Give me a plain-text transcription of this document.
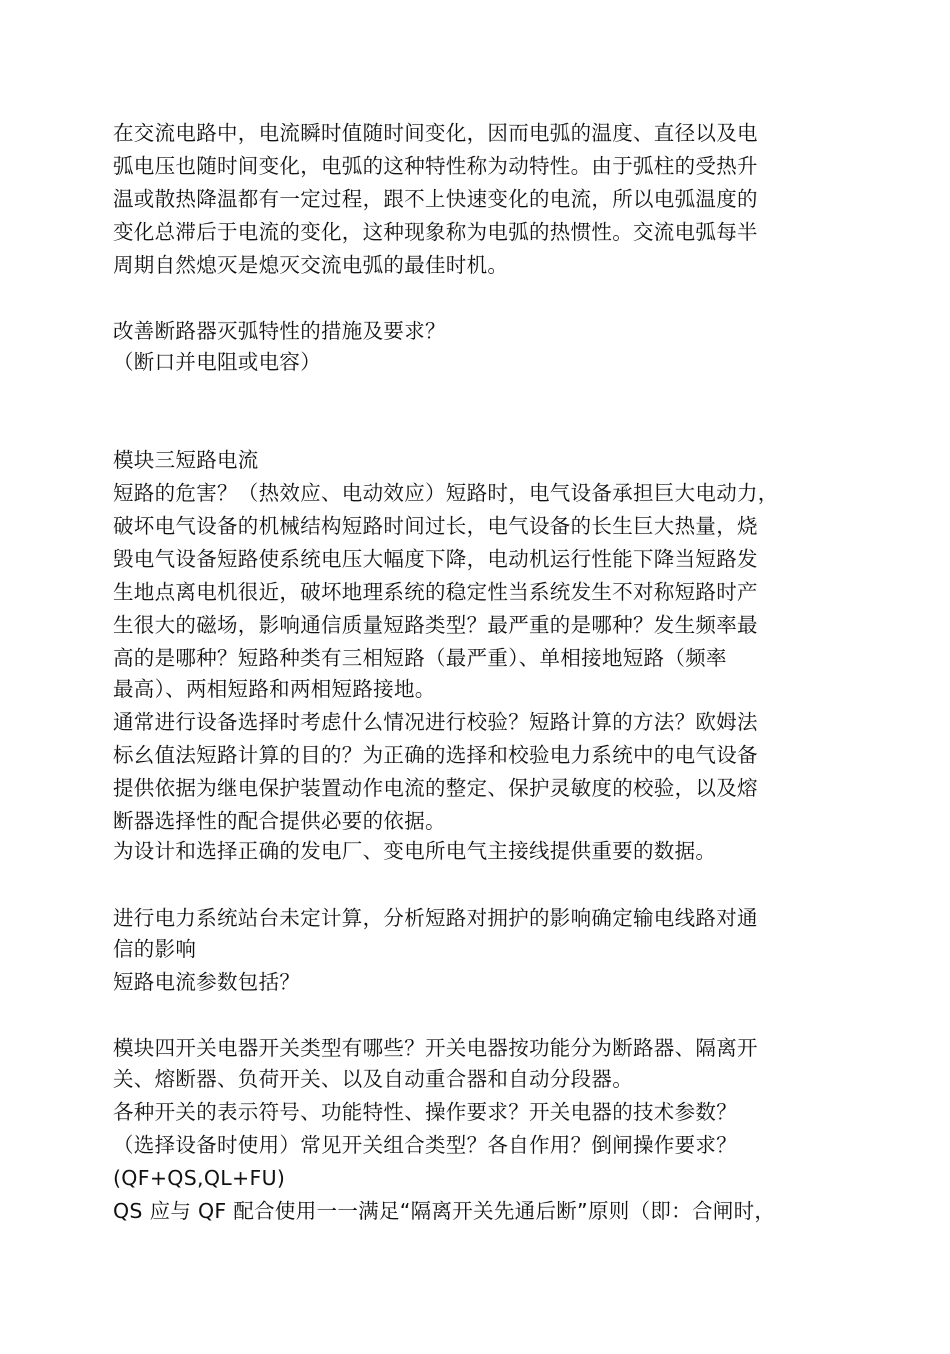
在交流电路中，电流瞬时值随时间变化，因而电弧的温度、直径以及电
弧电压也随时间变化，电弧的这种特性称为动特性。由于弧柱的受热升
温或散热降温都有一定过程，跟不上快速变化的电流，所以电弧温度的
变化总滞后于电流的变化，这种现象称为电弧的热惯性。交流电弧每半
周期自然熄灭是熄灭交流电弧的最佳时机。
改善断路器灭弧特性的措施及要求？
（断口并电阻或电容）
模块三短路电流
短路的危害？（热效应、电动效应）短路时，电气设备承担巨大电动力，
破坏电气设备的机械结构短路时间过长，电气设备的长生巨大热量，烧
毁电气设备短路使系统电压大幅度下降，电动机运行性能下降当短路发
生地点离电机很近，破坏地理系统的稳定性当系统发生不对称短路时产
生很大的磁场，影响通信质量短路类型？最严重的是哪种？发生频率最
高的是哪种？短路种类有三相短路（最严重）、单相接地短路（频率
最高）、两相短路和两相短路接地。
通常进行设备选择时考虑什么情况进行校验？短路计算的方法？欧姆法
标幺值法短路计算的目的？为正确的选择和校验电力系统中的电气设备
提供依据为继电保护装置动作电流的整定、保护灵敏度的校验，以及熔
断器选择性的配合提供必要的依据。
为设计和选择正确的发电厂、变电所电气主接线提供重要的数据。
进行电力系统站台未定计算，分析短路对拥护的影响确定输电线路对通
信的影响
短路电流参数包括？
模块四开关电器开关类型有哪些？开关电器按功能分为断路器、隔离开
关、熔断器、负荷开关、以及自动重合器和自动分段器。
各种开关的表示符号、功能特性、操作要求？开关电器的技术参数？
（选择设备时使用）常见开关组合类型？各自作用？倒闸操作要求？
(QF+QS,QL+FU)
QS 应与 QF 配合使用一一满足“隔离开关先通后断”原则（即：合闸时，
